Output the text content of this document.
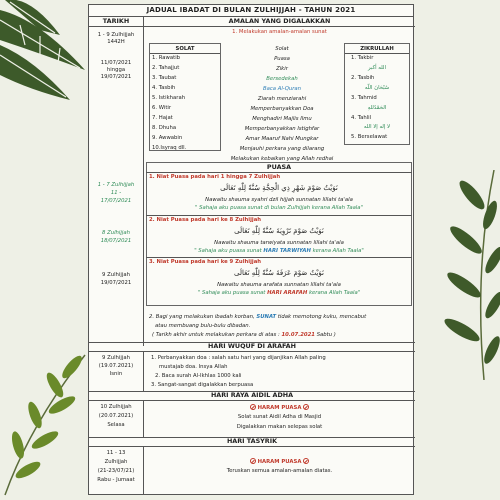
JADUAL IBADAT DI BULAN ZULHIJJAH - TAHUN 2021
TARIKH	AMALAN YANG DIGALAKKAN
1 - 9 Zulhijjah
1442H
11/07/2021
hingga
19/07/2021
1. Melakukan amalan-amalan sunat
SOLAT
1. Rawatib
2. Tahajjut
3. Taubat
4. Tasbih
5. Istikharah
6. Witir
7. Hajat
8. Dhuha
9. Awwabin
10.Isyraq dll.
Solat
Puasa
Zikir
Bersedekah
Baca Al-Quran
Ziarah menziarahi
Memperbanyakkan Doa
Menghadiri Majlis Ilmu
Memperbanyakkan Istighfar
Amar Maaruf Nahi Mungkar
Menjauhi perkara yang dilarang
Melakukan kebaikan yang Allah redhai
ZIKRULLAH
1. Takbir
الله أكبر
2. Tasbih
سُبْحَانَ اللّه
3. Tahmid
الحَمْدُللهِ
4. Tahlil
لا إله إلا الله
5. Berselawat
PUASA
1 - 7 Zulhijjah
11 -
17/07/2021
1. Niat Puasa pada hari 1 hingga 7 Zulhijjah
نَوَيْتُ صَوْمَ شَهْرِ ذِي الْحِجَّةِ سُنَّةً لِلّٰهِ تَعَالَى
Nawaitu shauma syahri dzil hijjah sunnatan lillahi ta'ala
" Sahaja aku puasa sunat di bulan Zulhijjah kerana Allah Taala"
8 Zulhijjah
18/07/2021
2. Niat Puasa pada hari ke 8 Zulhijjah
نَوَيْتُ صَوْمَ تَرْوِيَةَ سُنَّةً لِلّٰهِ تَعَالَى
Nawaitu shauma tarwiyata sunnatan lillahi ta'ala
" Sahaja aku puasa sunat HARI TARWIYAH kerana Allah Taala"
9 Zulhijjah
19/07/2021
3. Niat Puasa pada hari ke 9 Zulhijjah
نَوَيْتُ صَوْمَ عَرَفَةَ سُنَّةً لِلّٰهِ تَعَالَى
Nawaitu shauma arafata sunnatan lillahi ta'ala
" Sahaja aku puasa sunat HARI ARAFAH kerana Allah Taala"
2. Bagi yang melakukan ibadah korban, SUNAT tidak memotong kuku, mencabut
atau membuang bulu-bulu dibadan.
( Tarikh akhir untuk melakukan perkara di atas : 10.07.2021 Sabtu )
HARI WUQUF DI ARAFAH
9 Zulhijjah
(19.07.2021)
Isnin
1. Perbanyakkan doa : salah satu hari yang dijanjikan Allah paling
mustajab doa. Insya Allah
2. Baca surah Al-Ikhlas 1000 kali
3. Sangat-sangat digalakkan berpuasa
HARI RAYA AIDIL ADHA
10 Zulhijjah
(20.07.2021)
Selasa
HARAM PUASA
Solat sunat Aidil Adha di Masjid
Digalakkan makan selepas solat
HARI TASYRIK
11 - 13
Zulhijjah
(21-23/07/21)
Rabu - Jumaat
HARAM PUASA
Teruskan semua amalan-amalan diatas.
